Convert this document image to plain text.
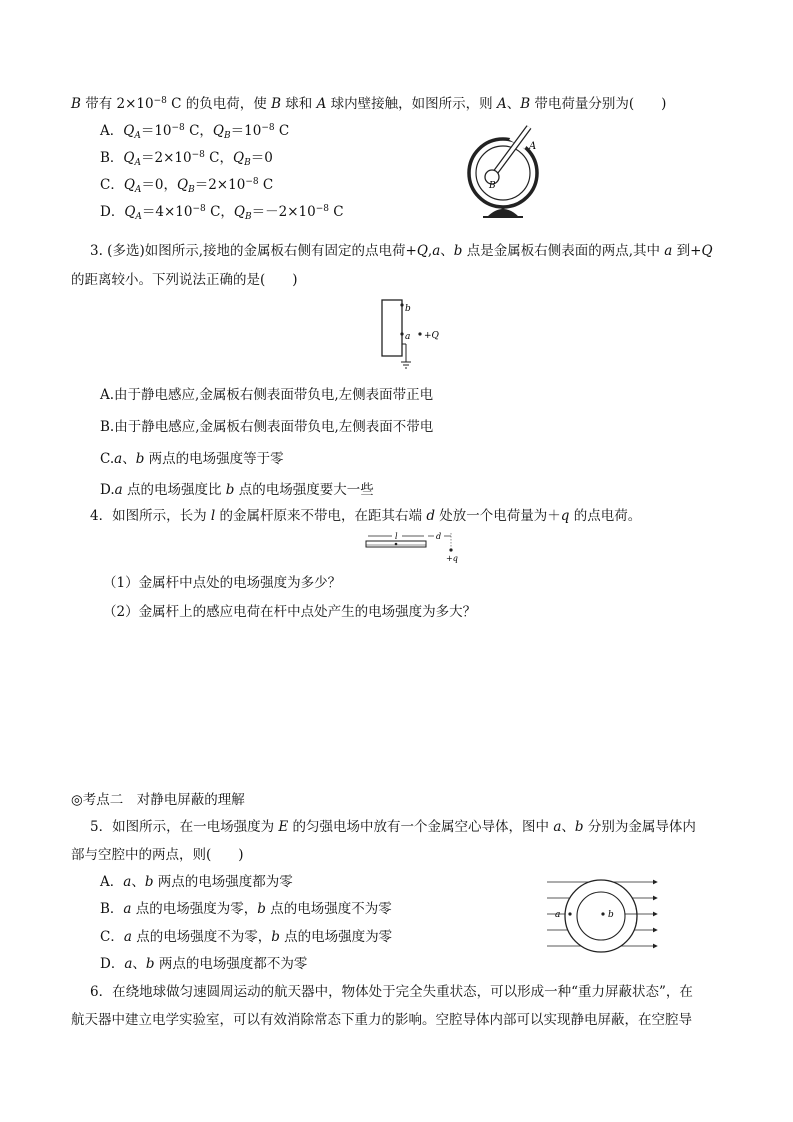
B 带有 $2\times 10^{-8}$ C 的负电荷，使 B 球和 A 球内壁接触，如图所示，则 A、B 带电荷量分别为(　　)
A．$Q_A=10^{-8}$ C，$Q_B=10^{-8}$ C
B．$Q_A=2\times 10^{-8}$ C，$Q_B=0$
C．$Q_A=0$，$Q_B=2\times 10^{-8}$ C
D．$Q_A=4\times 10^{-8}$ C，$Q_B=-2\times 10^{-8}$ C
A
B
3. (多选)如图所示,接地的金属板右侧有固定的点电荷+Q,a、b 点是金属板右侧表面的两点,其中 a 到+Q
的距离较小。下列说法正确的是(　　)
b
a +Q
A.由于静电感应,金属板右侧表面带负电,左侧表面带正电
B.由于静电感应,金属板右侧表面带负电,左侧表面不带电
C.a、b 两点的电场强度等于零
D.a 点的电场强度比 b 点的电场强度要大一些
4．如图所示，长为 l 的金属杆原来不带电，在距其右端 d 处放一个电荷量为＋q 的点电荷。
l	d
+q
（1）金属杆中点处的电场强度为多少？
（2）金属杆上的感应电荷在杆中点处产生的电场强度为多大？
◎考点二　对静电屏蔽的理解
5．如图所示，在一电场强度为 E 的匀强电场中放有一个金属空心导体，图中 a、b 分别为金属导体内
部与空腔中的两点，则(　　)
A．a、b 两点的电场强度都为零
B．a 点的电场强度为零，b 点的电场强度不为零
C．a 点的电场强度不为零，b 点的电场强度为零
D．a、b 两点的电场强度都不为零
a	b
6．在绕地球做匀速圆周运动的航天器中，物体处于完全失重状态，可以形成一种“重力屏蔽状态”，在
航天器中建立电学实验室，可以有效消除常态下重力的影响。空腔导体内部可以实现静电屏蔽，在空腔导
